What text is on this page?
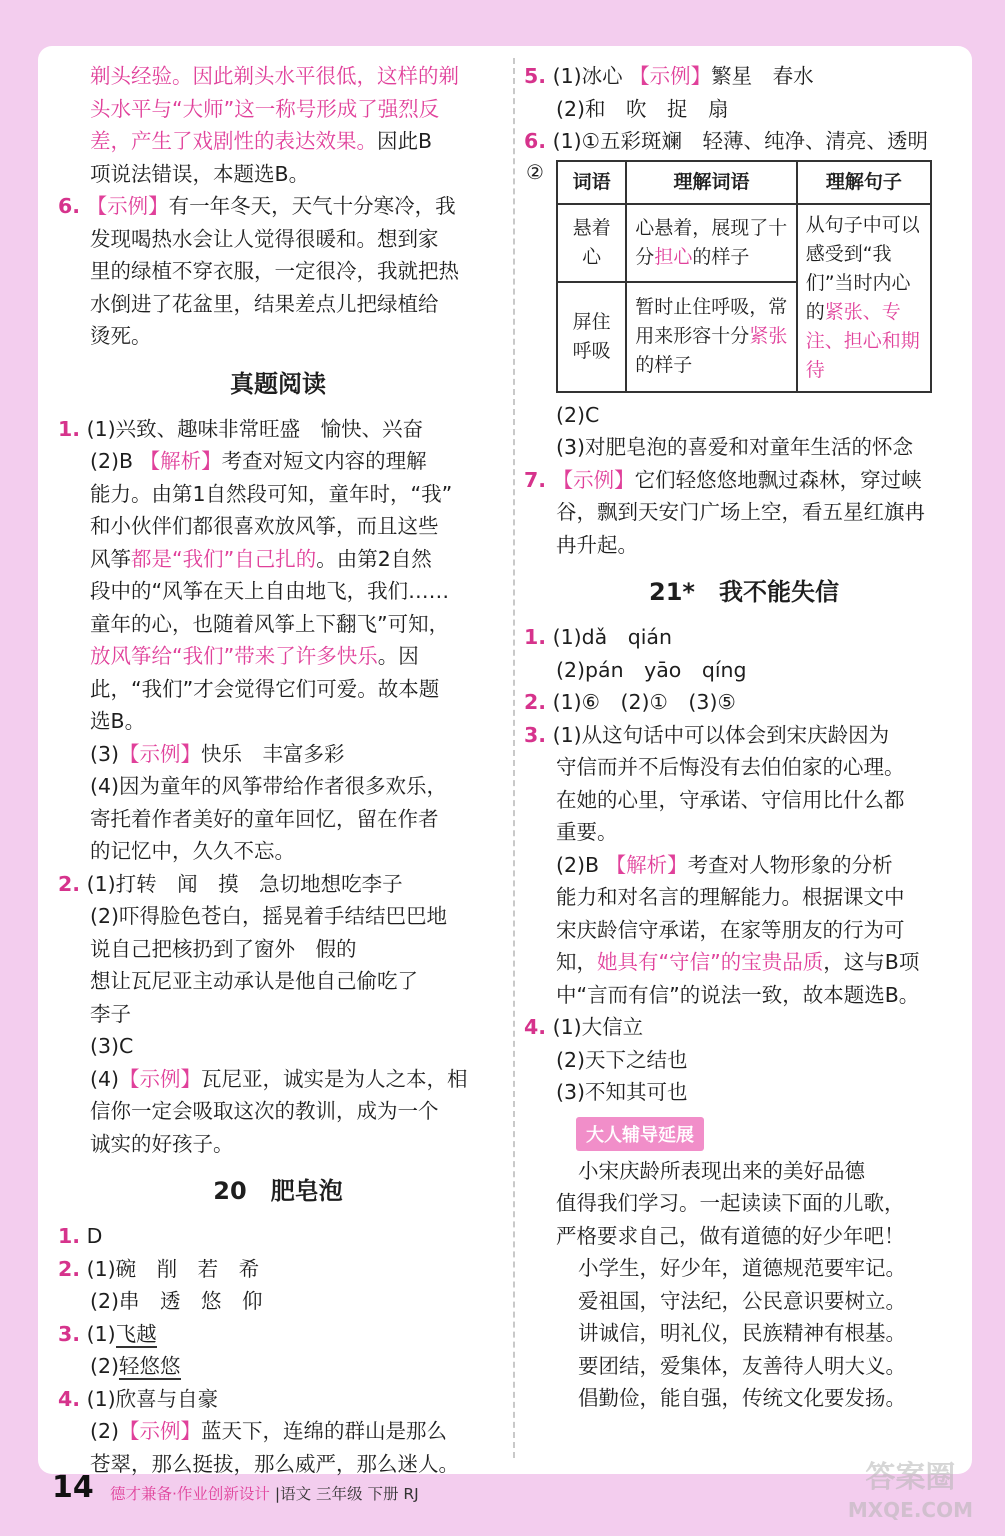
剃头经验。因此剃头水平很低，这样的剃
头水平与“大师”这一称号形成了强烈反
差，产生了戏剧性的表达效果。因此B
项说法错误，本题选B。
6. 【示例】有一年冬天，天气十分寒冷，我
发现喝热水会让人觉得很暖和。想到家
里的绿植不穿衣服，一定很冷，我就把热
水倒进了花盆里，结果差点儿把绿植给
烫死。
真题阅读
1. (1)兴致、趣味非常旺盛　愉快、兴奋
(2)B 【解析】考查对短文内容的理解
能力。由第1自然段可知，童年时，“我”
和小伙伴们都很喜欢放风筝，而且这些
风筝都是“我们”自己扎的。由第2自然
段中的“风筝在天上自由地飞，我们……
童年的心，也随着风筝上下翻飞”可知，
放风筝给“我们”带来了许多快乐。因
此，“我们”才会觉得它们可爱。故本题
选B。
(3)【示例】快乐　丰富多彩
(4)因为童年的风筝带给作者很多欢乐，
寄托着作者美好的童年回忆，留在作者
的记忆中，久久不忘。
2. (1)打转　闻　摸　急切地想吃李子
(2)吓得脸色苍白，摇晃着手结结巴巴地
说自己把核扔到了窗外　假的
想让瓦尼亚主动承认是他自己偷吃了
李子
(3)C
(4)【示例】瓦尼亚，诚实是为人之本，相
信你一定会吸取这次的教训，成为一个
诚实的好孩子。
20　肥皂泡
1. D
2. (1)碗　削　若　希
(2)串　透　悠　仰
3. (1)飞越
(2)轻悠悠
4. (1)欣喜与自豪
(2)【示例】蓝天下，连绵的群山是那么
苍翠，那么挺拔，那么威严，那么迷人。
5. (1)冰心 【示例】繁星　春水
(2)和　吹　捉　扇
6. (1)①五彩斑斓　轻薄、纯净、清亮、透明
② 词语	理解词语	理解句子
悬着心	心悬着，展现了十分担心的样子	从句子中可以感受到“我们”当时内心的紧张、专注、担心和期待
屏住呼吸	暂时止住呼吸，常用来形容十分紧张的样子	
(2)C
(3)对肥皂泡的喜爱和对童年生活的怀念
7. 【示例】它们轻悠悠地飘过森林，穿过峡
谷，飘到天安门广场上空，看五星红旗冉
冉升起。
21*　我不能失信
1. (1)dǎ　qián
(2)pán　yāo　qíng
2. (1)⑥　(2)①　(3)⑤
3. (1)从这句话中可以体会到宋庆龄因为
守信而并不后悔没有去伯伯家的心理。
在她的心里，守承诺、守信用比什么都
重要。
(2)B 【解析】考查对人物形象的分析
能力和对名言的理解能力。根据课文中
宋庆龄信守承诺，在家等朋友的行为可
知，她具有“守信”的宝贵品质，这与B项
中“言而有信”的说法一致，故本题选B。
4. (1)大信立
(2)天下之结也
(3)不知其可也
大人辅导延展
小宋庆龄所表现出来的美好品德
值得我们学习。一起读读下面的儿歌，
严格要求自己，做有道德的好少年吧！
小学生，好少年，道德规范要牢记。
爱祖国，守法纪，公民意识要树立。
讲诚信，明礼仪，民族精神有根基。
要团结，爱集体，友善待人明大义。
倡勤俭，能自强，传统文化要发扬。
14 德才兼备·作业创新设计 |语文 三年级 下册 RJ	答案圈
MXQE.COM
